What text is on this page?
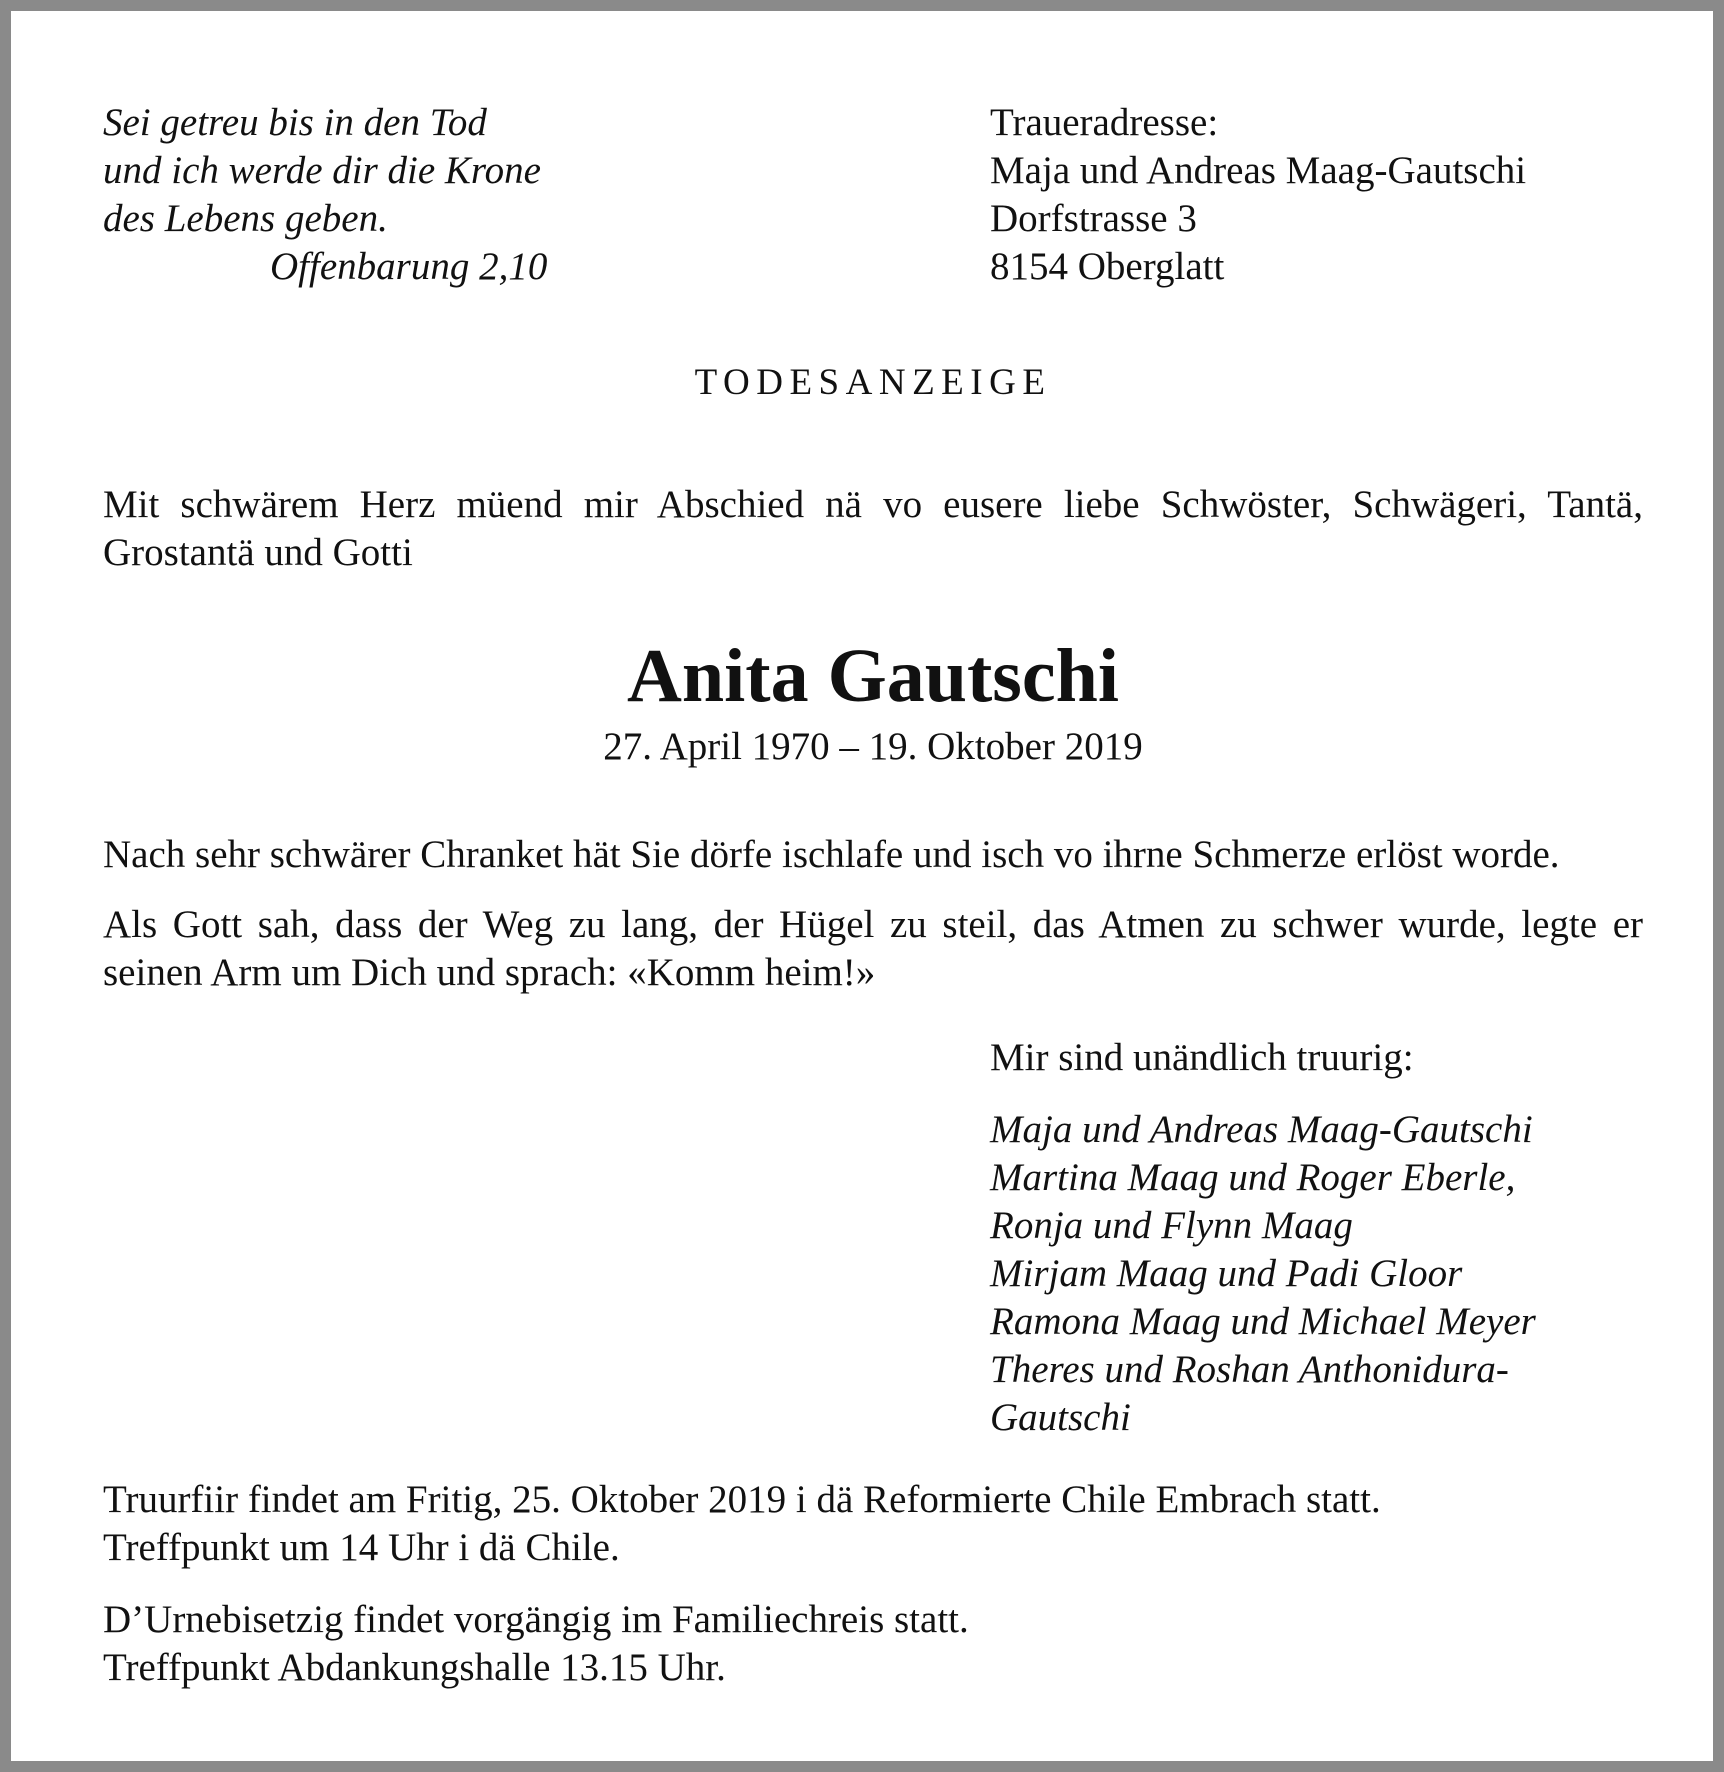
Sei getreu bis in den Tod
und ich werde dir die Krone
des Lebens geben.
Offenbarung 2,10
Traueradresse:
Maja und Andreas Maag-Gautschi
Dorfstrasse 3
8154 Oberglatt
TODESANZEIGE
Mit schwärem Herz müend mir Abschied nä vo eusere liebe Schwöster, Schwägeri, Tantä,
Grostantä und Gotti
Anita Gautschi
27. April 1970 – 19. Oktober 2019
Nach sehr schwärer Chranket hät Sie dörfe ischlafe und isch vo ihrne Schmerze erlöst worde.
Als Gott sah, dass der Weg zu lang, der Hügel zu steil, das Atmen zu schwer wurde, legte er
seinen Arm um Dich und sprach: «Komm heim!»
Mir sind unändlich truurig:
Maja und Andreas Maag-Gautschi
Martina Maag und Roger Eberle,
Ronja und Flynn Maag
Mirjam Maag und Padi Gloor
Ramona Maag und Michael Meyer
Theres und Roshan Anthonidura-
Gautschi
Truurfiir findet am Fritig, 25. Oktober 2019 i dä Reformierte Chile Embrach statt.
Treffpunkt um 14 Uhr i dä Chile.
D’Urnebisetzig findet vorgängig im Familiechreis statt.
Treffpunkt Abdankungshalle 13.15 Uhr.
